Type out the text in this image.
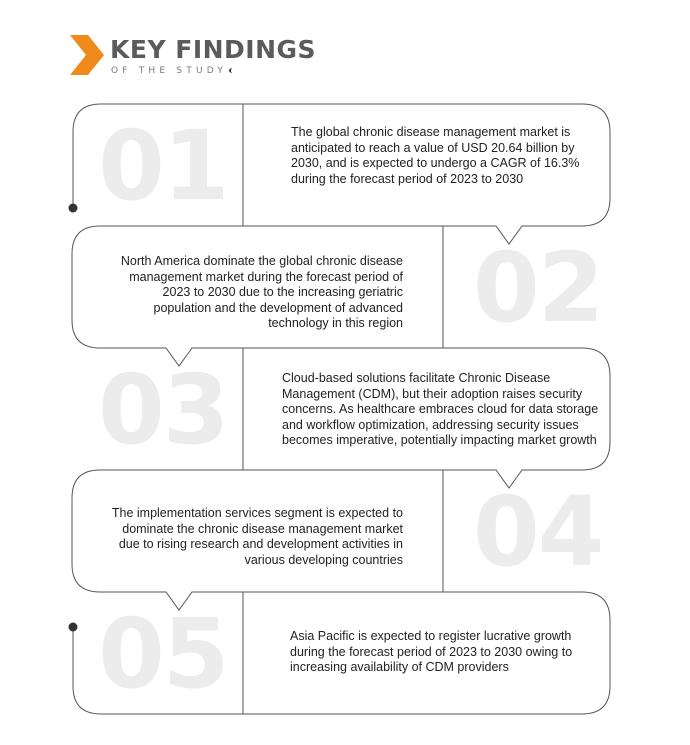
KEY FINDINGS
OF THE STUDY
01
02
03
04
05
The global chronic disease management market is anticipated to reach a value of USD 20.64 billion by 2030, and is expected to undergo a CAGR of 16.3% during the forecast period of 2023 to 2030
North America dominate the global chronic disease management market during the forecast period of 2023 to 2030 due to the increasing geriatric population and the development of advanced technology in this region
Cloud-based solutions facilitate Chronic Disease Management (CDM), but their adoption raises security concerns. As healthcare embraces cloud for data storage and workflow optimization, addressing security issues becomes imperative, potentially impacting market growth
The implementation services segment is expected to dominate the chronic disease management market due to rising research and development activities in various developing countries
Asia Pacific is expected to register lucrative growth during the forecast period of 2023 to 2030 owing to increasing availability of CDM providers
